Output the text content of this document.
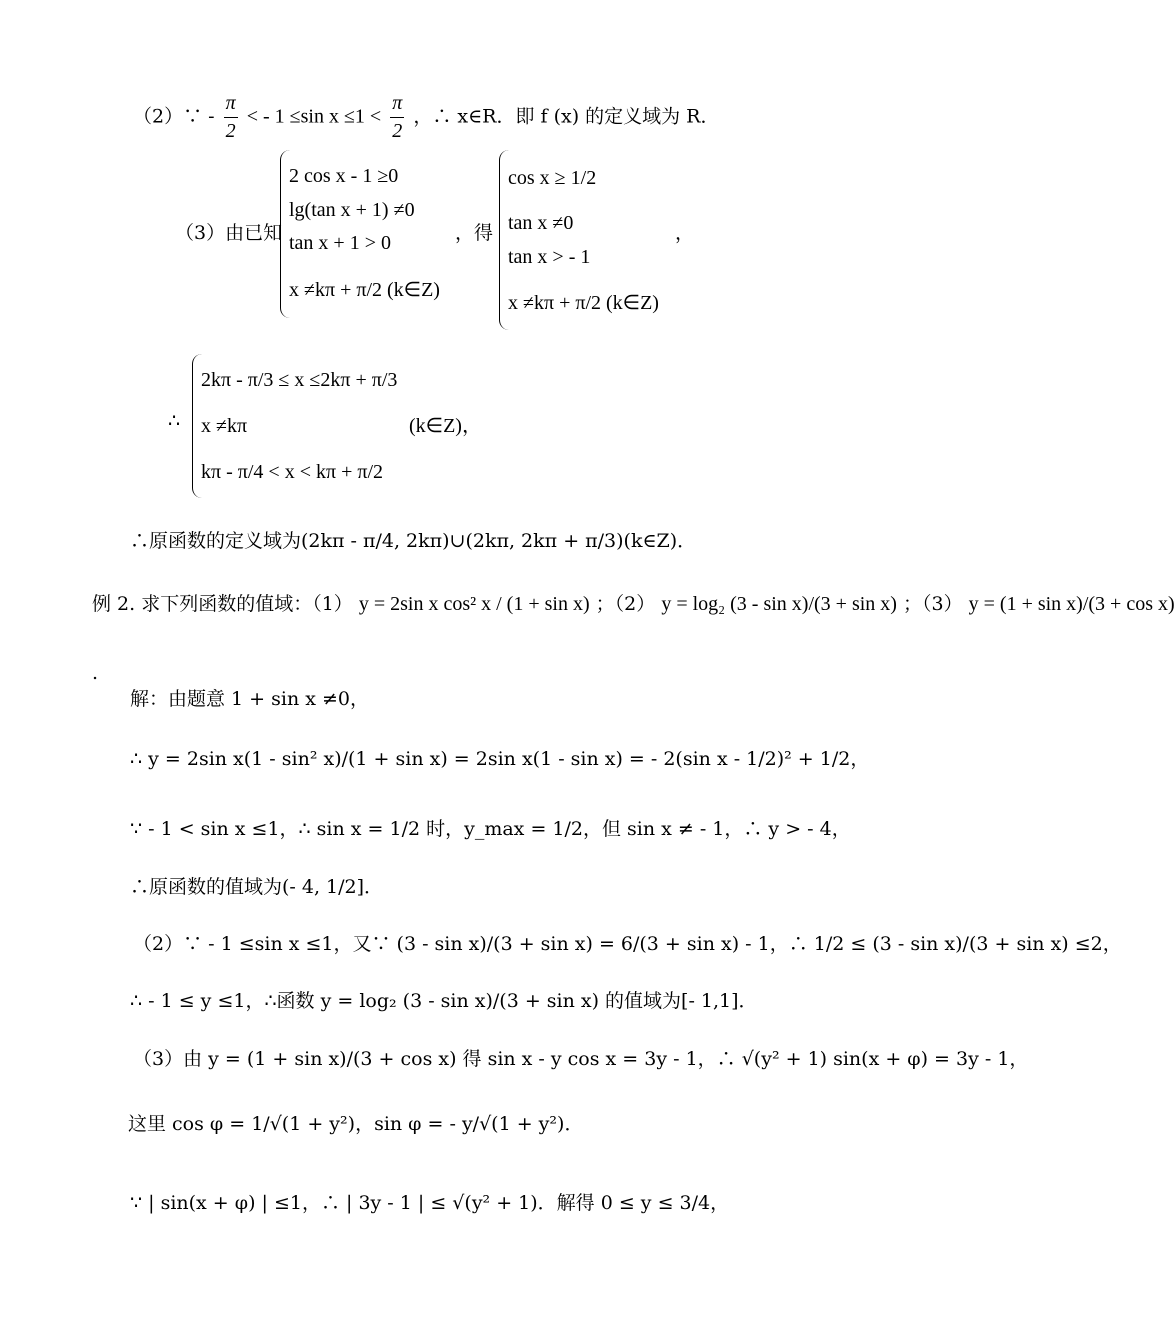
（2）∵ - $\frac{\pi}{2}$ < - 1 ≤sin $x \le 1 < \frac{\pi}{2}$ ，∴ x∈R．即 f (x) 的定义域为 R．
（3）由已知
2 cos x - 1 ≥0
lg(tan x + 1) ≠0
tan x + 1 > 0
x ≠kπ + π/2 (k∈Z)
，得
cos x ≥ 1/2
tan x ≠0
tan x > - 1
x ≠kπ + π/2 (k∈Z)
，
∴
2kπ - π/3 ≤ x ≤2kπ + π/3
x ≠kπ	(k∈Z)，
kπ - π/4 < x < kπ + π/2
∴原函数的定义域为(2kπ - π/4, 2kπ)∪(2kπ, 2kπ + π/3)(k∈Z)．
例 2. 求下列函数的值域：（1） y = 2sin x cos² x / (1 + sin x) ；（2） y = log₂ (3 - sin x)/(3 + sin x) ；（3） y = (1 + sin x)/(3 + cos x)
.
解：由题意 1 + sin x ≠0，
∴ y = 2sin x(1 - sin² x)/(1 + sin x) = 2sin x(1 - sin x) = - 2(sin x - 1/2)² + 1/2，
∵ - 1 < sin x ≤1，∴ sin x = 1/2 时，y_max = 1/2，但 sin x ≠ - 1，∴ y > - 4，
∴原函数的值域为(- 4, 1/2]．
（2）∵ - 1 ≤sin x ≤1，又∵ (3 - sin x)/(3 + sin x) = 6/(3 + sin x) - 1，∴ 1/2 ≤ (3 - sin x)/(3 + sin x) ≤2，
∴ - 1 ≤ y ≤1，∴函数 y = log₂ (3 - sin x)/(3 + sin x) 的值域为[- 1,1]．
（3）由 y = (1 + sin x)/(3 + cos x) 得 sin x - y cos x = 3y - 1，∴ √(y² + 1) sin(x + φ) = 3y - 1，
这里 cos φ = 1/√(1 + y²)，sin φ = - y/√(1 + y²)．
∵ | sin(x + φ) | ≤1，∴ | 3y - 1 | ≤ √(y² + 1)．解得 0 ≤ y ≤ 3/4，
